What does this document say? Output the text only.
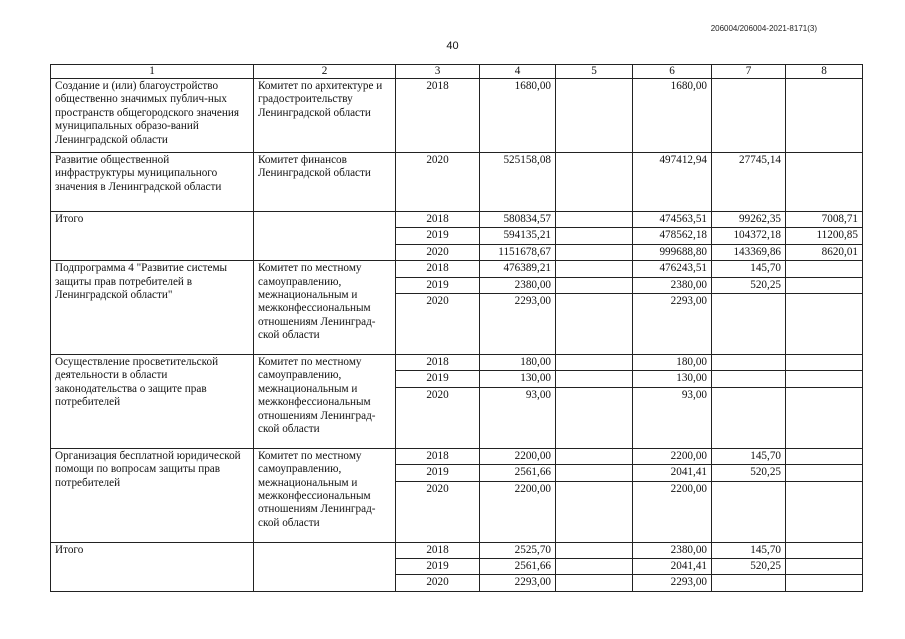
206004/206004-2021-8171(3)
40
1	2	3	4	5	6	7	8
Создание и (или) благоустройство общественно значимых публич-ных пространств общегородского значения муниципальных образо-ваний Ленинградской области	Комитет по архитектуре и градостроительству Ленинградской области	2018	1680,00		1680,00		
Развитие общественной инфраструктуры муниципального значения в Ленинградской области	Комитет финансов Ленинградской области	2020	525158,08		497412,94	27745,14	
Итого		2018	580834,57		474563,51	99262,35	7008,71
		2019	594135,21		478562,18	104372,18	11200,85
		2020	1151678,67		999688,80	143369,86	8620,01
Подпрограмма 4 "Развитие системы защиты прав потребителей в Ленинградской области"	Комитет по местному самоуправлению, межнациональным и межконфессиональным отношениям Ленинград-ской области	2018	476389,21		476243,51	145,70	
		2019	2380,00		2380,00	520,25	
		2020	2293,00		2293,00		
Осуществление просветительской деятельности в области законодательства о защите прав потребителей	Комитет по местному самоуправлению, межнациональным и межконфессиональным отношениям Ленинград-ской области	2018	180,00		180,00		
		2019	130,00		130,00		
		2020	93,00		93,00		
Организация бесплатной юридической помощи по вопросам защиты прав потребителей	Комитет по местному самоуправлению, межнациональным и межконфессиональным отношениям Ленинград-ской области	2018	2200,00		2200,00	145,70	
		2019	2561,66		2041,41	520,25	
		2020	2200,00		2200,00		
Итого		2018	2525,70		2380,00	145,70	
		2019	2561,66		2041,41	520,25	
		2020	2293,00		2293,00		
